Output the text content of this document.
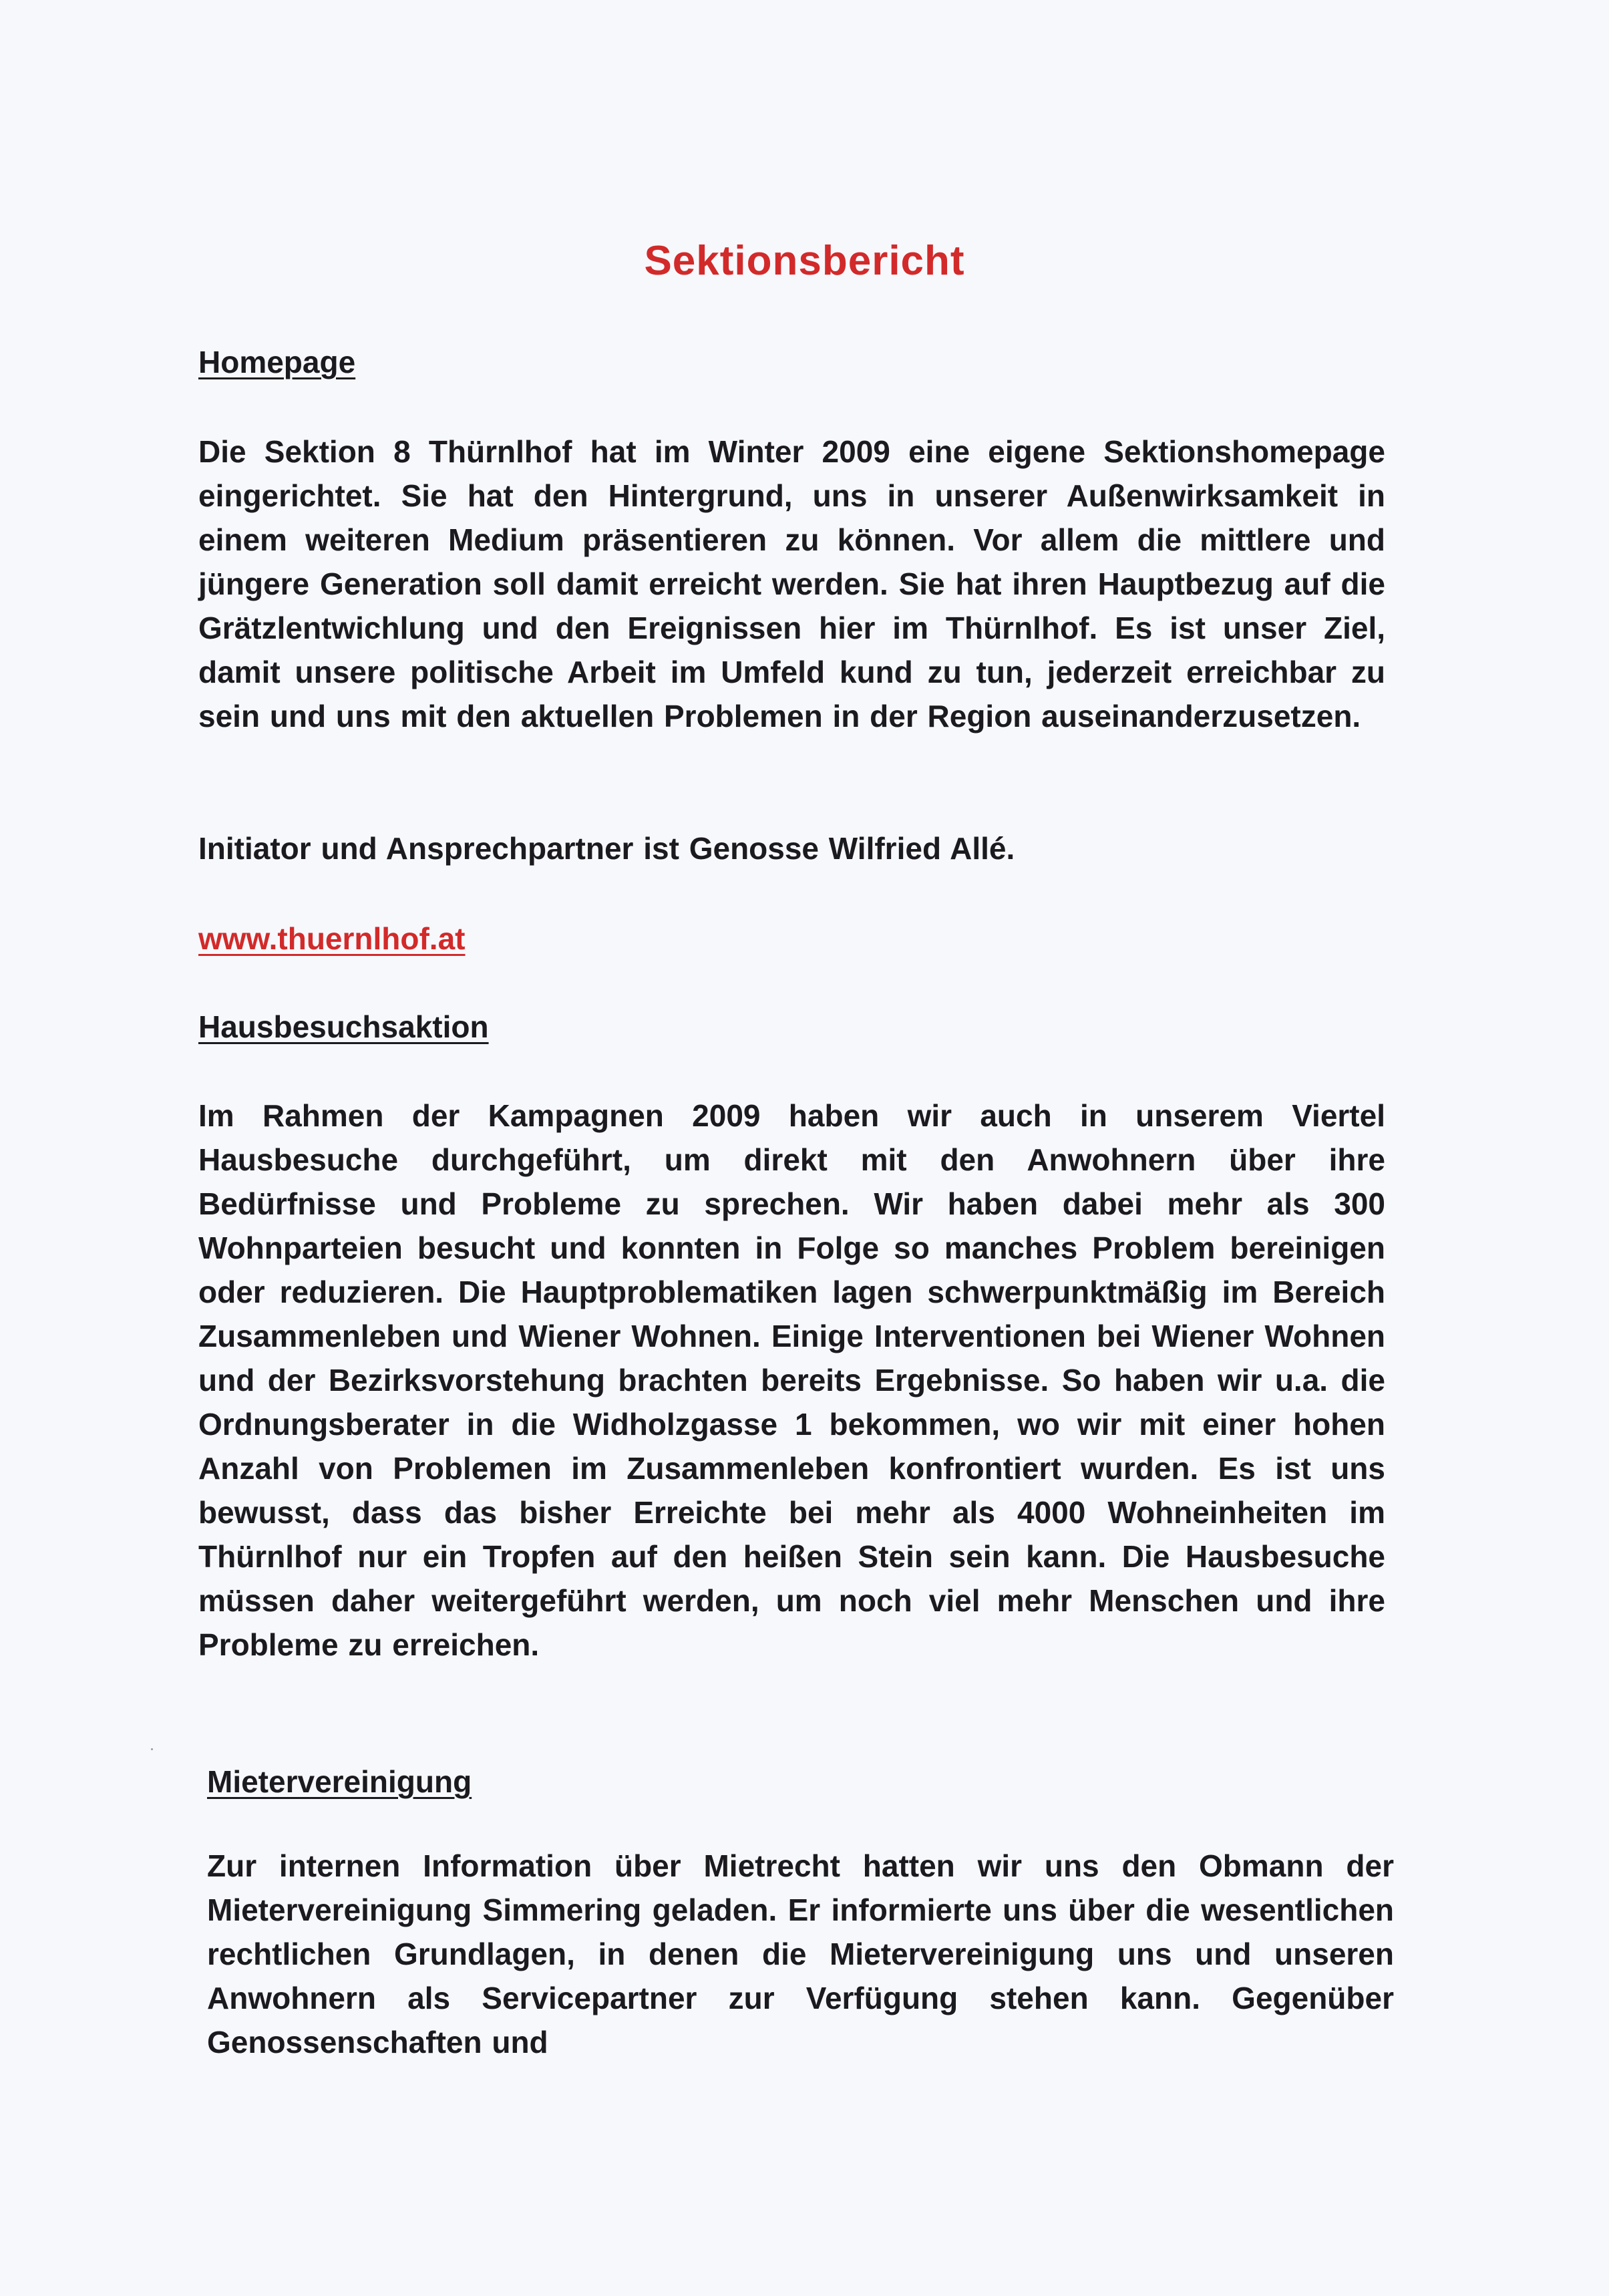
Sektionsbericht
Homepage
Die Sektion 8 Thürnlhof hat im Winter 2009 eine eigene Sektionshomepage eingerichtet. Sie hat den Hintergrund, uns in unserer Außenwirksamkeit in einem weiteren Medium präsentieren zu können. Vor allem die mittlere und jüngere Generation soll damit erreicht werden. Sie hat ihren Hauptbezug auf die Grätzlentwichlung und den Ereignissen hier im Thürnlhof. Es ist unser Ziel, damit unsere politische Arbeit im Umfeld kund zu tun, jederzeit erreichbar zu sein und uns mit den aktuellen Problemen in der Region auseinanderzusetzen.
Initiator und Ansprechpartner ist Genosse Wilfried Allé.
www.thuernlhof.at
Hausbesuchsaktion
Im Rahmen der Kampagnen 2009 haben wir auch in unserem Viertel Hausbesuche durchgeführt, um direkt mit den Anwohnern über ihre Bedürfnisse und Probleme zu sprechen. Wir haben dabei mehr als 300 Wohnparteien besucht und konnten in Folge so manches Problem bereinigen oder reduzieren. Die Hauptproblematiken lagen schwerpunktmäßig im Bereich Zusammenleben und Wiener Wohnen. Einige Interventionen bei Wiener Wohnen und der Bezirksvorstehung brachten bereits Ergebnisse. So haben wir u.a. die Ordnungsberater in die Widholzgasse 1 bekommen, wo wir mit einer hohen Anzahl von Problemen im Zusammenleben konfrontiert wurden. Es ist uns bewusst, dass das bisher Erreichte bei mehr als 4000 Wohneinheiten im Thürnlhof nur ein Tropfen auf den heißen Stein sein kann. Die Hausbesuche müssen daher weitergeführt werden, um noch viel mehr Menschen und ihre Probleme zu erreichen.
Mietervereinigung
Zur internen Information über Mietrecht hatten wir uns den Obmann der Mietervereinigung Simmering geladen. Er informierte uns über die wesentlichen rechtlichen Grundlagen, in denen die Mietervereinigung uns und unseren Anwohnern als Servicepartner zur Verfügung stehen kann. Gegenüber Genossenschaften und
